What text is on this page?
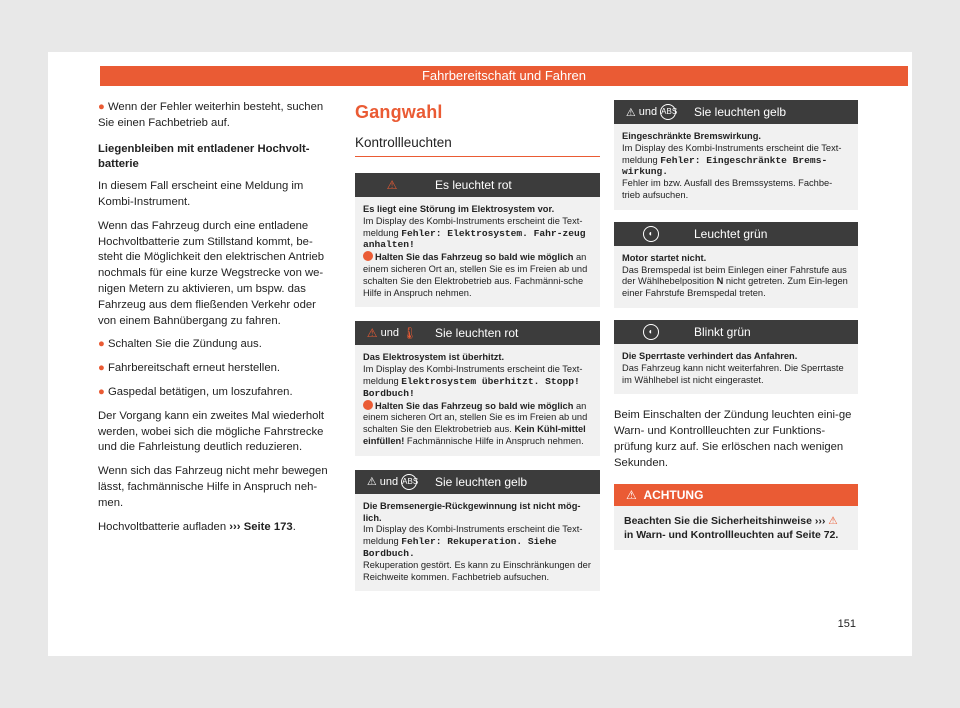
Fahrbereitschaft und Fahren

● Wenn der Fehler weiterhin besteht, suchen Sie einen Fachbetrieb auf.

Liegenbleiben mit entladener Hochvolt-batterie

In diesem Fall erscheint eine Meldung im Kombi-Instrument.

Wenn das Fahrzeug durch eine entladene Hochvoltbatterie zum Stillstand kommt, be-steht die Möglichkeit den elektrischen Antrieb nochmals für eine kurze Wegstrecke von we-nigen Metern zu aktivieren, um bspw. das Fahrzeug aus dem fließenden Verkehr oder von einem Bahnübergang zu fahren.

● Schalten Sie die Zündung aus.

● Fahrbereitschaft erneut herstellen.

● Gaspedal betätigen, um loszufahren.

Der Vorgang kann ein zweites Mal wiederholt werden, wobei sich die mögliche Fahrstrecke und die Fahrleistung deutlich reduzieren.

Wenn sich das Fahrzeug nicht mehr bewegen lässt, fachmännische Hilfe in Anspruch neh-men.

Hochvoltbatterie aufladen ››› Seite 173.

Gangwahl
Kontrollleuchten
⚠	Es leuchtet rot
Es liegt eine Störung im Elektrosystem vor.
Im Display des Kombi-Instruments erscheint die Text-meldung Fehler: Elektrosystem. Fahr-zeug anhalten!
Halten Sie das Fahrzeug so bald wie möglich an einem sicheren Ort an, stellen Sie es im Freien ab und schalten Sie den Elektrobetrieb aus. Fachmänni-sche Hilfe in Anspruch nehmen.
⚠
und
🌡	Sie leuchten rot
Das Elektrosystem ist überhitzt.
Im Display des Kombi-Instruments erscheint die Text-meldung Elektrosystem überhitzt. Stopp! Bordbuch!
Halten Sie das Fahrzeug so bald wie möglich an einem sicheren Ort an, stellen Sie es im Freien ab und schalten Sie den Elektrobetrieb aus. Kein Kühl-mittel einfüllen! Fachmännische Hilfe in Anspruch nehmen.
⚠
und
ABS	Sie leuchten gelb
Die Bremsenergie-Rückgewinnung ist nicht mög-lich.
Im Display des Kombi-Instruments erscheint die Text-meldung Fehler: Rekuperation. Siehe Bordbuch.
Rekuperation gestört. Es kann zu Einschränkungen der Reichweite kommen. Fachbetrieb aufsuchen.
⚠
und
ABS	Sie leuchten gelb
Eingeschränkte Bremswirkung.
Im Display des Kombi-Instruments erscheint die Text-meldung Fehler: Eingeschränkte Brems-wirkung.
Fehler im bzw. Ausfall des Bremssystems. Fachbe-trieb aufsuchen.
◐	Leuchtet grün
Motor startet nicht.
Das Bremspedal ist beim Einlegen einer Fahrstufe aus der Wählhebelposition N nicht getreten. Zum Ein-legen einer Fahrstufe Bremspedal treten.
◐	Blinkt grün
Die Sperrtaste verhindert das Anfahren.
Das Fahrzeug kann nicht weiterfahren. Die Sperrtaste im Wählhebel ist nicht eingerastet.
Beim Einschalten der Zündung leuchten eini-ge Warn- und Kontrollleuchten zur Funktions-prüfung kurz auf. Sie erlöschen nach wenigen Sekunden.
⚠
ACHTUNG
Beachten Sie die Sicherheitshinweise ››› ⚠
in Warn- und Kontrollleuchten auf Seite 72.
151
